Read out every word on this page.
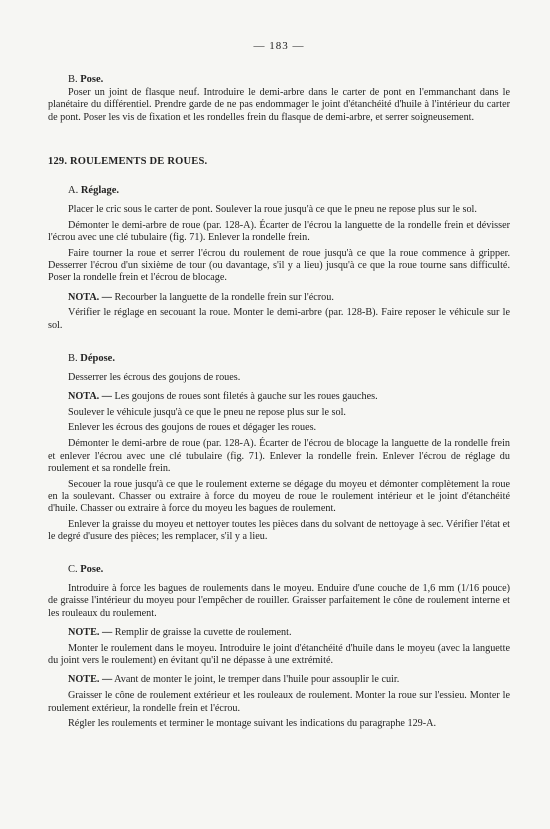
— 183 —
B. Pose.

Poser un joint de flasque neuf. Introduire le demi-arbre dans le carter de pont en l'emmanchant dans le planétaire du différentiel. Prendre garde de ne pas endommager le joint d'étanchéité d'huile à l'intérieur du carter de pont. Poser les vis de fixation et les rondelles frein du flasque de demi-arbre, et serrer soigneusement.

129. ROULEMENTS DE ROUES.
A. Réglage.

Placer le cric sous le carter de pont. Soulever la roue jusqu'à ce que le pneu ne repose plus sur le sol.

Démonter le demi-arbre de roue (par. 128-A). Écarter de l'écrou la languette de la rondelle frein et dévisser l'écrou avec une clé tubulaire (fig. 71). Enlever la rondelle frein.

Faire tourner la roue et serrer l'écrou du roulement de roue jusqu'à ce que la roue commence à gripper. Desserrer l'écrou d'un sixième de tour (ou davantage, s'il y a lieu) jusqu'à ce que la roue tourne sans difficulté. Poser la rondelle frein et l'écrou de blocage.

NOTA. — Recourber la languette de la rondelle frein sur l'écrou.

Vérifier le réglage en secouant la roue. Monter le demi-arbre (par. 128-B). Faire reposer le véhicule sur le sol.

B. Dépose.

Desserrer les écrous des goujons de roues.

NOTA. — Les goujons de roues sont filetés à gauche sur les roues gauches.

Soulever le véhicule jusqu'à ce que le pneu ne repose plus sur le sol.

Enlever les écrous des goujons de roues et dégager les roues.

Démonter le demi-arbre de roue (par. 128-A). Écarter de l'écrou de blocage la languette de la rondelle frein et enlever l'écrou avec une clé tubulaire (fig. 71). Enlever la rondelle frein. Enlever l'écrou de réglage du roulement et sa rondelle frein.

Secouer la roue jusqu'à ce que le roulement externe se dégage du moyeu et démonter complètement la roue en la soulevant. Chasser ou extraire à force du moyeu de roue le roulement intérieur et le joint d'étanchéité d'huile. Chasser ou extraire à force du moyeu les bagues de roulement.

Enlever la graisse du moyeu et nettoyer toutes les pièces dans du solvant de nettoyage à sec. Vérifier l'état et le degré d'usure des pièces; les remplacer, s'il y a lieu.

C. Pose.

Introduire à force les bagues de roulements dans le moyeu. Enduire d'une couche de 1,6 mm (1/16 pouce) de graisse l'intérieur du moyeu pour l'empêcher de rouiller. Graisser parfaitement le cône de roulement interne et les rouleaux du roulement.

NOTE. — Remplir de graisse la cuvette de roulement.

Monter le roulement dans le moyeu. Introduire le joint d'étanchéité d'huile dans le moyeu (avec la languette du joint vers le roulement) en évitant qu'il ne dépasse à une extrémité.

NOTE. — Avant de monter le joint, le tremper dans l'huile pour assouplir le cuir.

Graisser le cône de roulement extérieur et les rouleaux de roulement. Monter la roue sur l'essieu. Monter le roulement extérieur, la rondelle frein et l'écrou.

Régler les roulements et terminer le montage suivant les indications du paragraphe 129-A.
